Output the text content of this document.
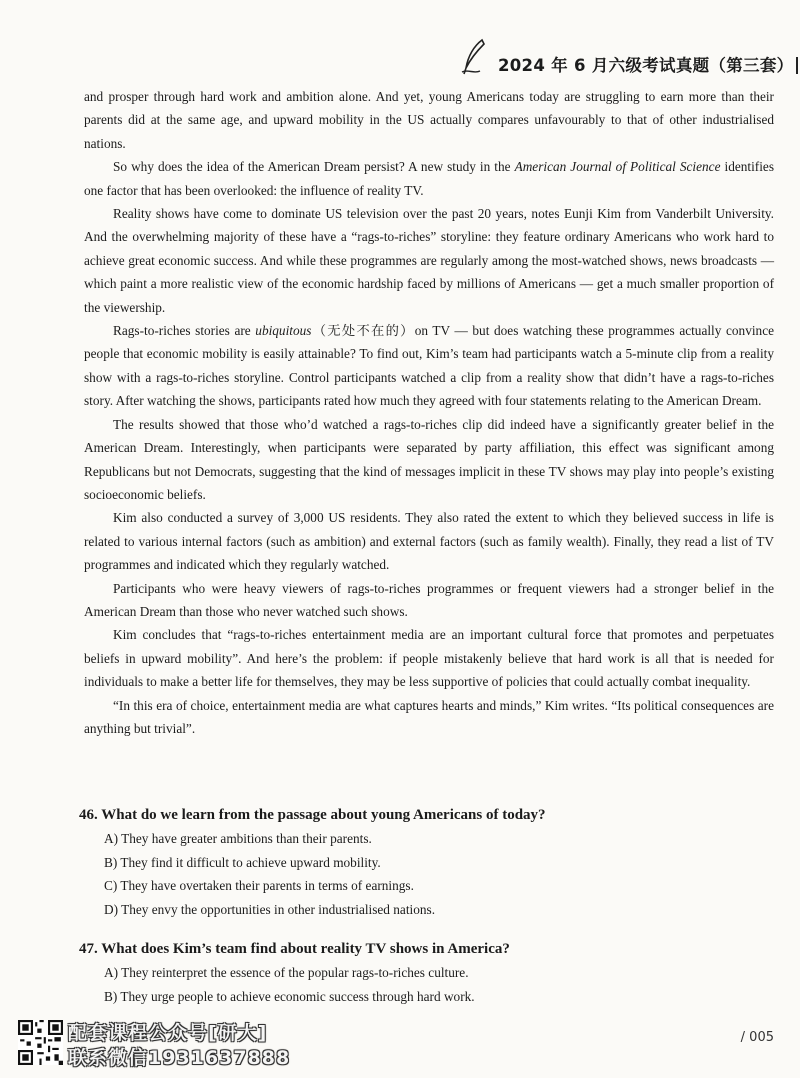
2024 年 6 月六级考试真题（第三套）

and prosper through hard work and ambition alone. And yet, young Americans today are struggling to earn more than their parents did at the same age, and upward mobility in the US actually compares unfavourably to that of other industrialised nations.

So why does the idea of the American Dream persist? A new study in the American Journal of Political Science identifies one factor that has been overlooked: the influence of reality TV.

Reality shows have come to dominate US television over the past 20 years, notes Eunji Kim from Vanderbilt University. And the overwhelming majority of these have a “rags-to-riches” storyline: they feature ordinary Americans who work hard to achieve great economic success. And while these programmes are regularly among the most-watched shows, news broadcasts — which paint a more realistic view of the economic hardship faced by millions of Americans — get a much smaller proportion of the viewership.

Rags-to-riches stories are ubiquitous（无处不在的）on TV — but does watching these programmes actually convince people that economic mobility is easily attainable? To find out, Kim’s team had participants watch a 5-minute clip from a reality show with a rags-to-riches storyline. Control participants watched a clip from a reality show that didn’t have a rags-to-riches story. After watching the shows, participants rated how much they agreed with four statements relating to the American Dream.

The results showed that those who’d watched a rags-to-riches clip did indeed have a significantly greater belief in the American Dream. Interestingly, when participants were separated by party affiliation, this effect was significant among Republicans but not Democrats, suggesting that the kind of messages implicit in these TV shows may play into people’s existing socioeconomic beliefs.

Kim also conducted a survey of 3,000 US residents. They also rated the extent to which they believed success in life is related to various internal factors (such as ambition) and external factors (such as family wealth). Finally, they read a list of TV programmes and indicated which they regularly watched.

Participants who were heavy viewers of rags-to-riches programmes or frequent viewers had a stronger belief in the American Dream than those who never watched such shows.

Kim concludes that “rags-to-riches entertainment media are an important cultural force that promotes and perpetuates beliefs in upward mobility”. And here’s the problem: if people mistakenly believe that hard work is all that is needed for individuals to make a better life for themselves, they may be less supportive of policies that could actually combat inequality.

“In this era of choice, entertainment media are what captures hearts and minds,” Kim writes. “Its political consequences are anything but trivial”.

46. What do we learn from the passage about young Americans of today?
A) They have greater ambitions than their parents.
B) They find it difficult to achieve upward mobility.
C) They have overtaken their parents in terms of earnings.
D) They envy the opportunities in other industrialised nations.
47. What does Kim’s team find about reality TV shows in America?
A) They reinterpret the essence of the popular rags-to-riches culture.
B) They urge people to achieve economic success through hard work.
配套课程公众号[研大]
联系微信1931637888
/ 005
